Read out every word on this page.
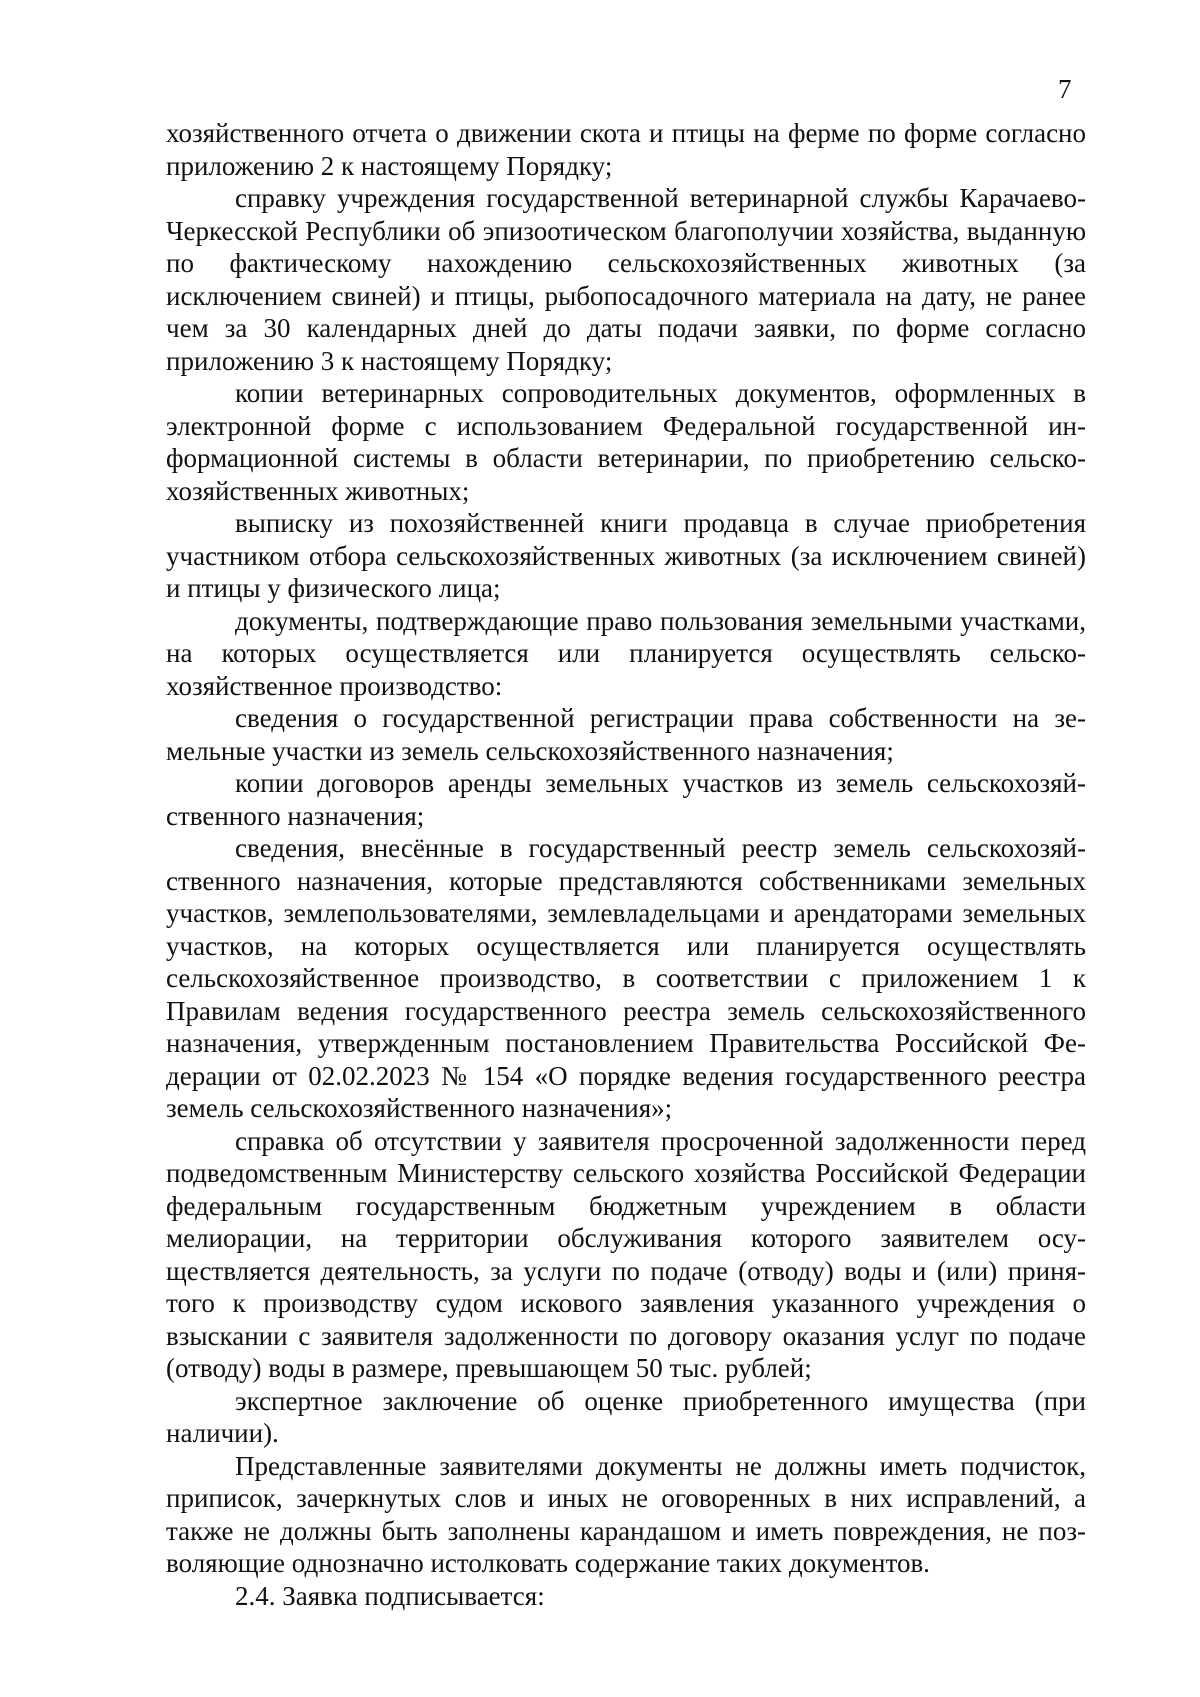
7

хозяйственного отчета о движении скота и птицы на ферме по форме согласно приложению 2 к настоящему Порядку;

справку учреждения государственной ветеринарной службы Карачаево-Черкесской Республики об эпизоотическом благополучии хозяйства, выданную по фактическому нахождению сельскохозяйственных животных (за исключением свиней) и птицы, рыбопосадочного материала на дату, не ранее чем за 30 календарных дней до даты подачи заявки, по форме согласно приложению 3 к настоящему Порядку;

копии ветеринарных сопроводительных документов, оформленных в электронной форме с использованием Федеральной государственной информационной системы в области ветеринарии, по приобретению сельскохозяйственных животных;

выписку из похозяйственней книги продавца в случае приобретения участником отбора сельскохозяйственных животных (за исключением свиней) и птицы у физического лица;

документы, подтверждающие право пользования земельными участками, на которых осуществляется или планируется осуществлять сельскохозяйственное производство:

сведения о государственной регистрации права собственности на земельные участки из земель сельскохозяйственного назначения;

копии договоров аренды земельных участков из земель сельскохозяйственного назначения;

сведения, внесённые в государственный реестр земель сельскохозяйственного назначения, которые представляются собственниками земельных участков, землепользователями, землевладельцами и арендаторами земельных участков, на которых осуществляется или планируется осуществлять сельскохозяйственное производство, в соответствии с приложением 1 к Правилам ведения государственного реестра земель сельскохозяйственного назначения, утвержденным постановлением Правительства Российской Федерации от 02.02.2023 № 154 «О порядке ведения государственного реестра земель сельскохозяйственного назначения»;

справка об отсутствии у заявителя просроченной задолженности перед подведомственным Министерству сельского хозяйства Российской Федерации федеральным государственным бюджетным учреждением в области мелиорации, на территории обслуживания которого заявителем осуществляется деятельность, за услуги по подаче (отводу) воды и (или) принятого к производству судом искового заявления указанного учреждения о взыскании с заявителя задолженности по договору оказания услуг по подаче (отводу) воды в размере, превышающем 50 тыс. рублей;

экспертное заключение об оценке приобретенного имущества (при наличии).

Представленные заявителями документы не должны иметь подчисток, приписок, зачеркнутых слов и иных не оговоренных в них исправлений, а также не должны быть заполнены карандашом и иметь повреждения, не позволяющие однозначно истолковать содержание таких документов.

2.4. Заявка подписывается:
